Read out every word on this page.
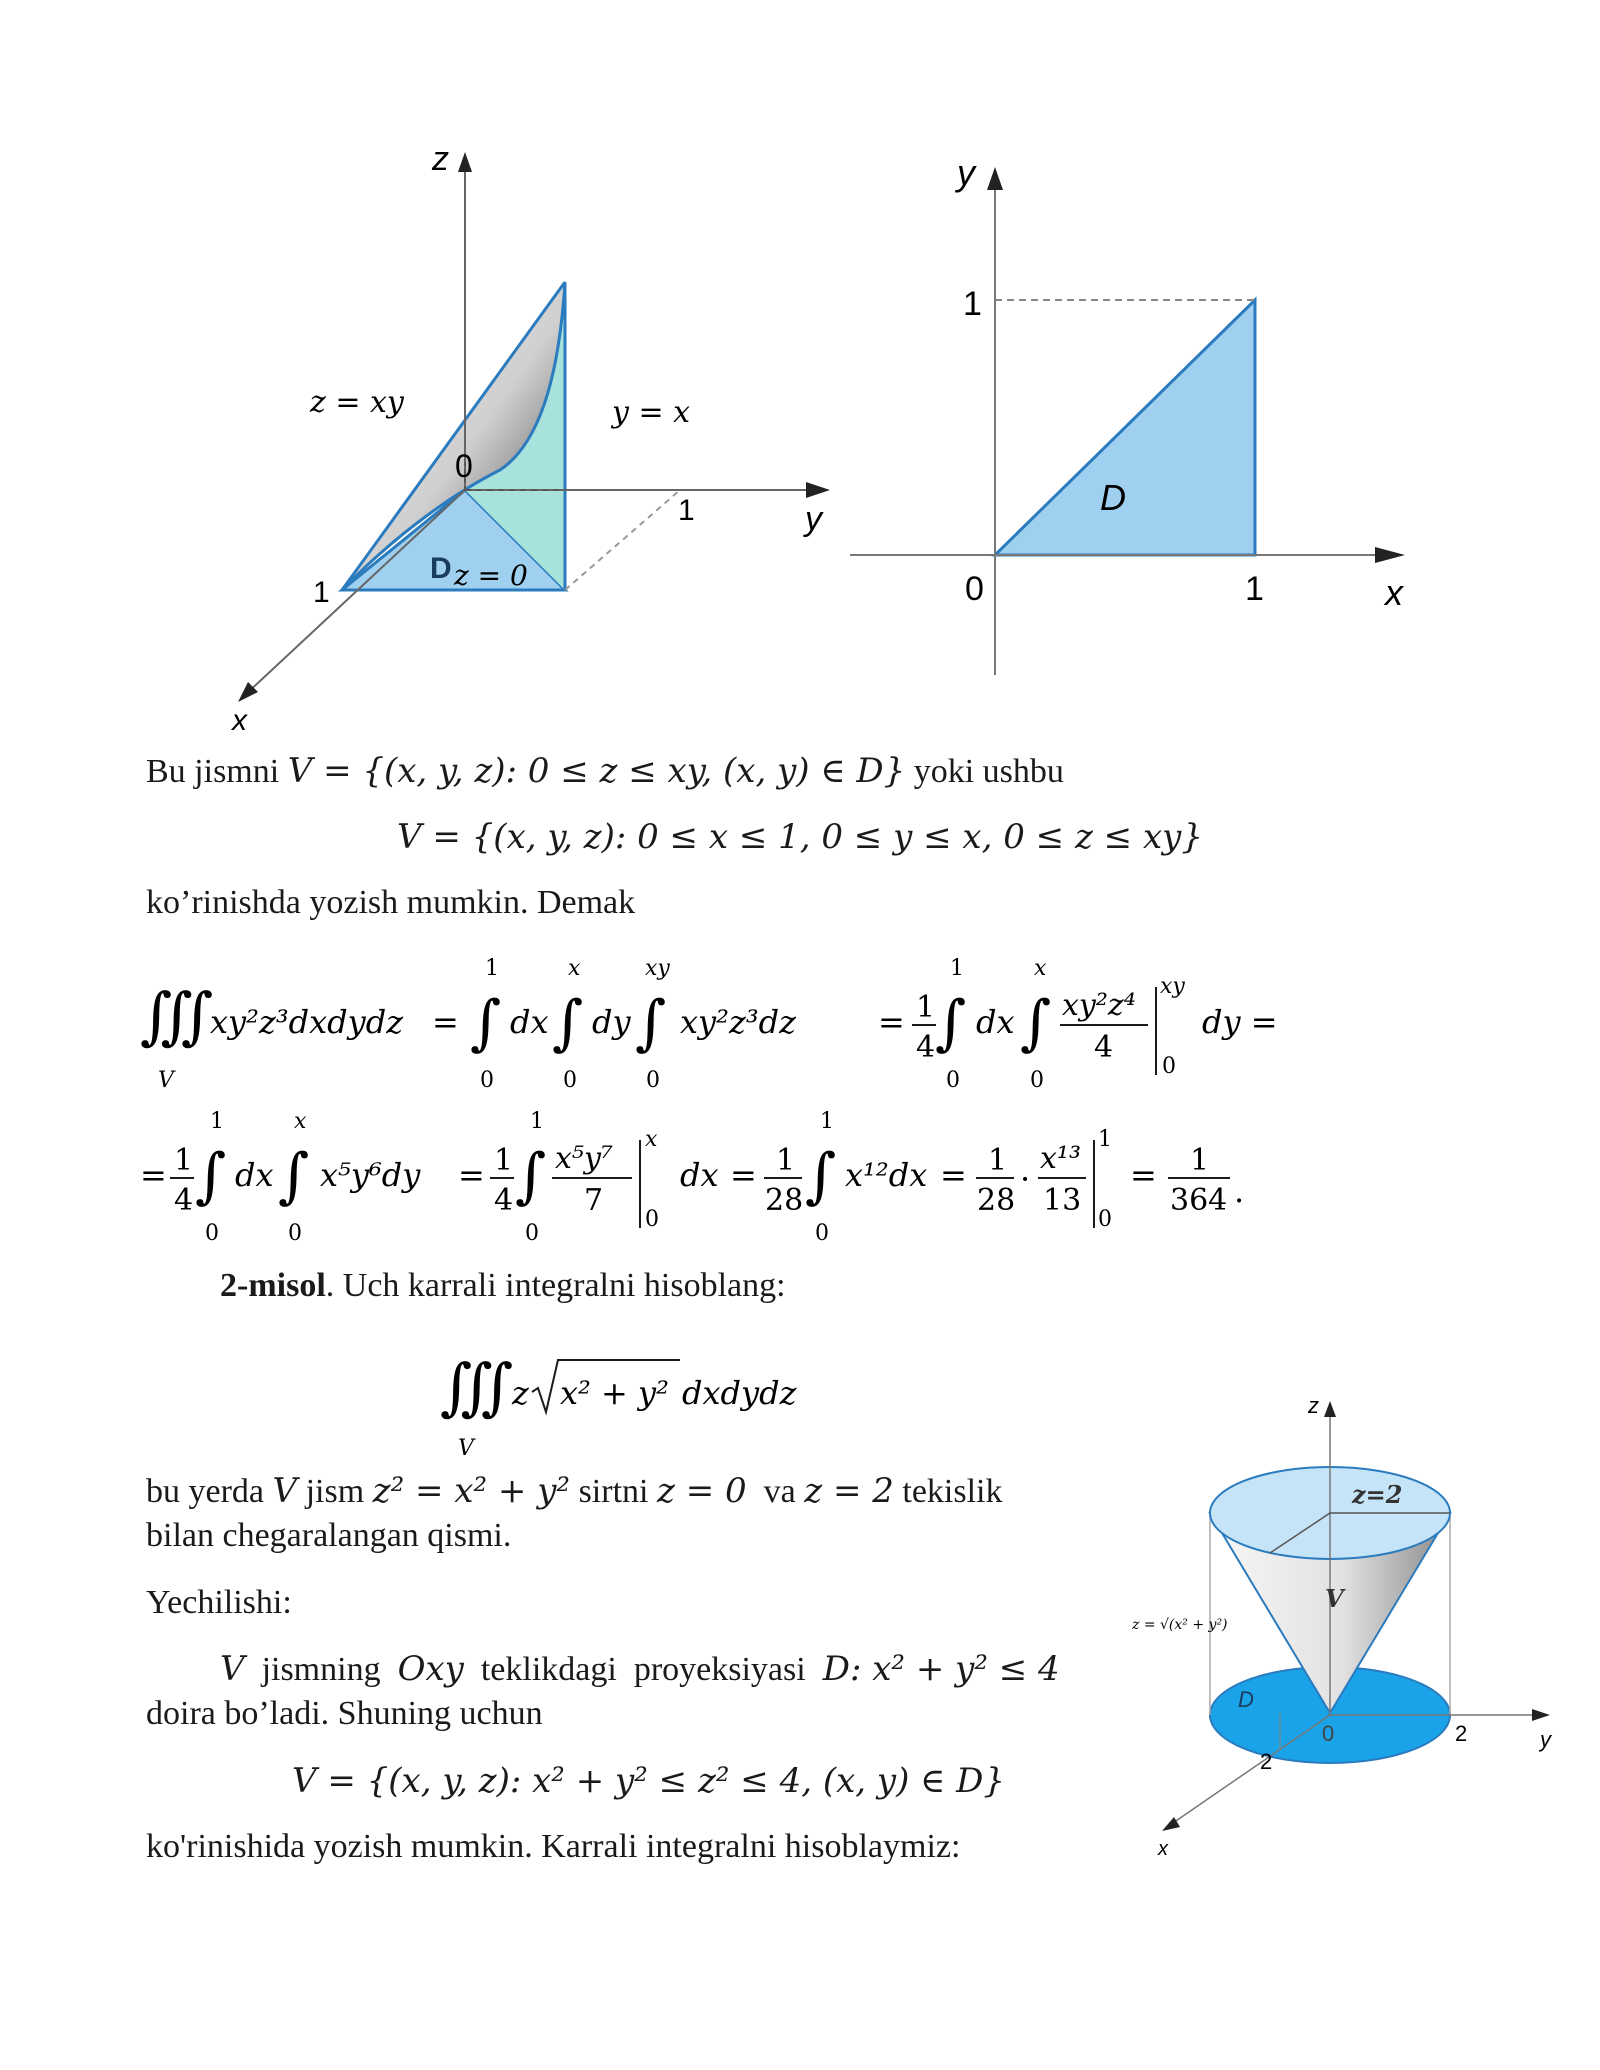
z
y
x
z = xy	y = x
0
1
1
D z = 0
y
x
1
1
0
D
Bu jismni V = {(x, y, z): 0 ≤ z ≤ xy, (x, y) ∈ D} yoki ushbu
V = {(x, y, z): 0 ≤ x ≤ 1, 0 ≤ y ≤ x, 0 ≤ z ≤ xy}
ko’rinishda yozish mumkin. Demak
∭
V
xy²z³dxdydz = ∫
1
0
dx ∫
x
0
dy ∫
xy
0
xy²z³dz	= 1
4 ∫
1
0
dx ∫
x
0
xy²z⁴
4
xy
0
dy =
= 1
4 ∫
1
0
dx ∫
x
0
x⁵y⁶dy = 1
4 ∫
1
0
x⁵y⁷
7
x
0
dx = 1
28 ∫
1
0
x¹²dx = 1
28
·
x¹³
13
1
0
= 1
364 .
2-misol. Uch karrali integralni hisoblang:
∭
V
z x² + y² dxdydz
bu yerda V jism z² = x² + y² sirtni z = 0 va z = 2 tekislik
bilan chegaralangan qismi.
Yechilishi:
V jismning Oxy teklikdagi proyeksiyasi D: x² + y² ≤ 4
doira bo’ladi. Shuning uchun
V = {(x, y, z): x² + y² ≤ z² ≤ 4, (x, y) ∈ D}
ko'rinishida yozish mumkin. Karrali integralni hisoblaymiz:
z
y
x
z=2
V
D
0	2
2
z = √(x² + y²)
